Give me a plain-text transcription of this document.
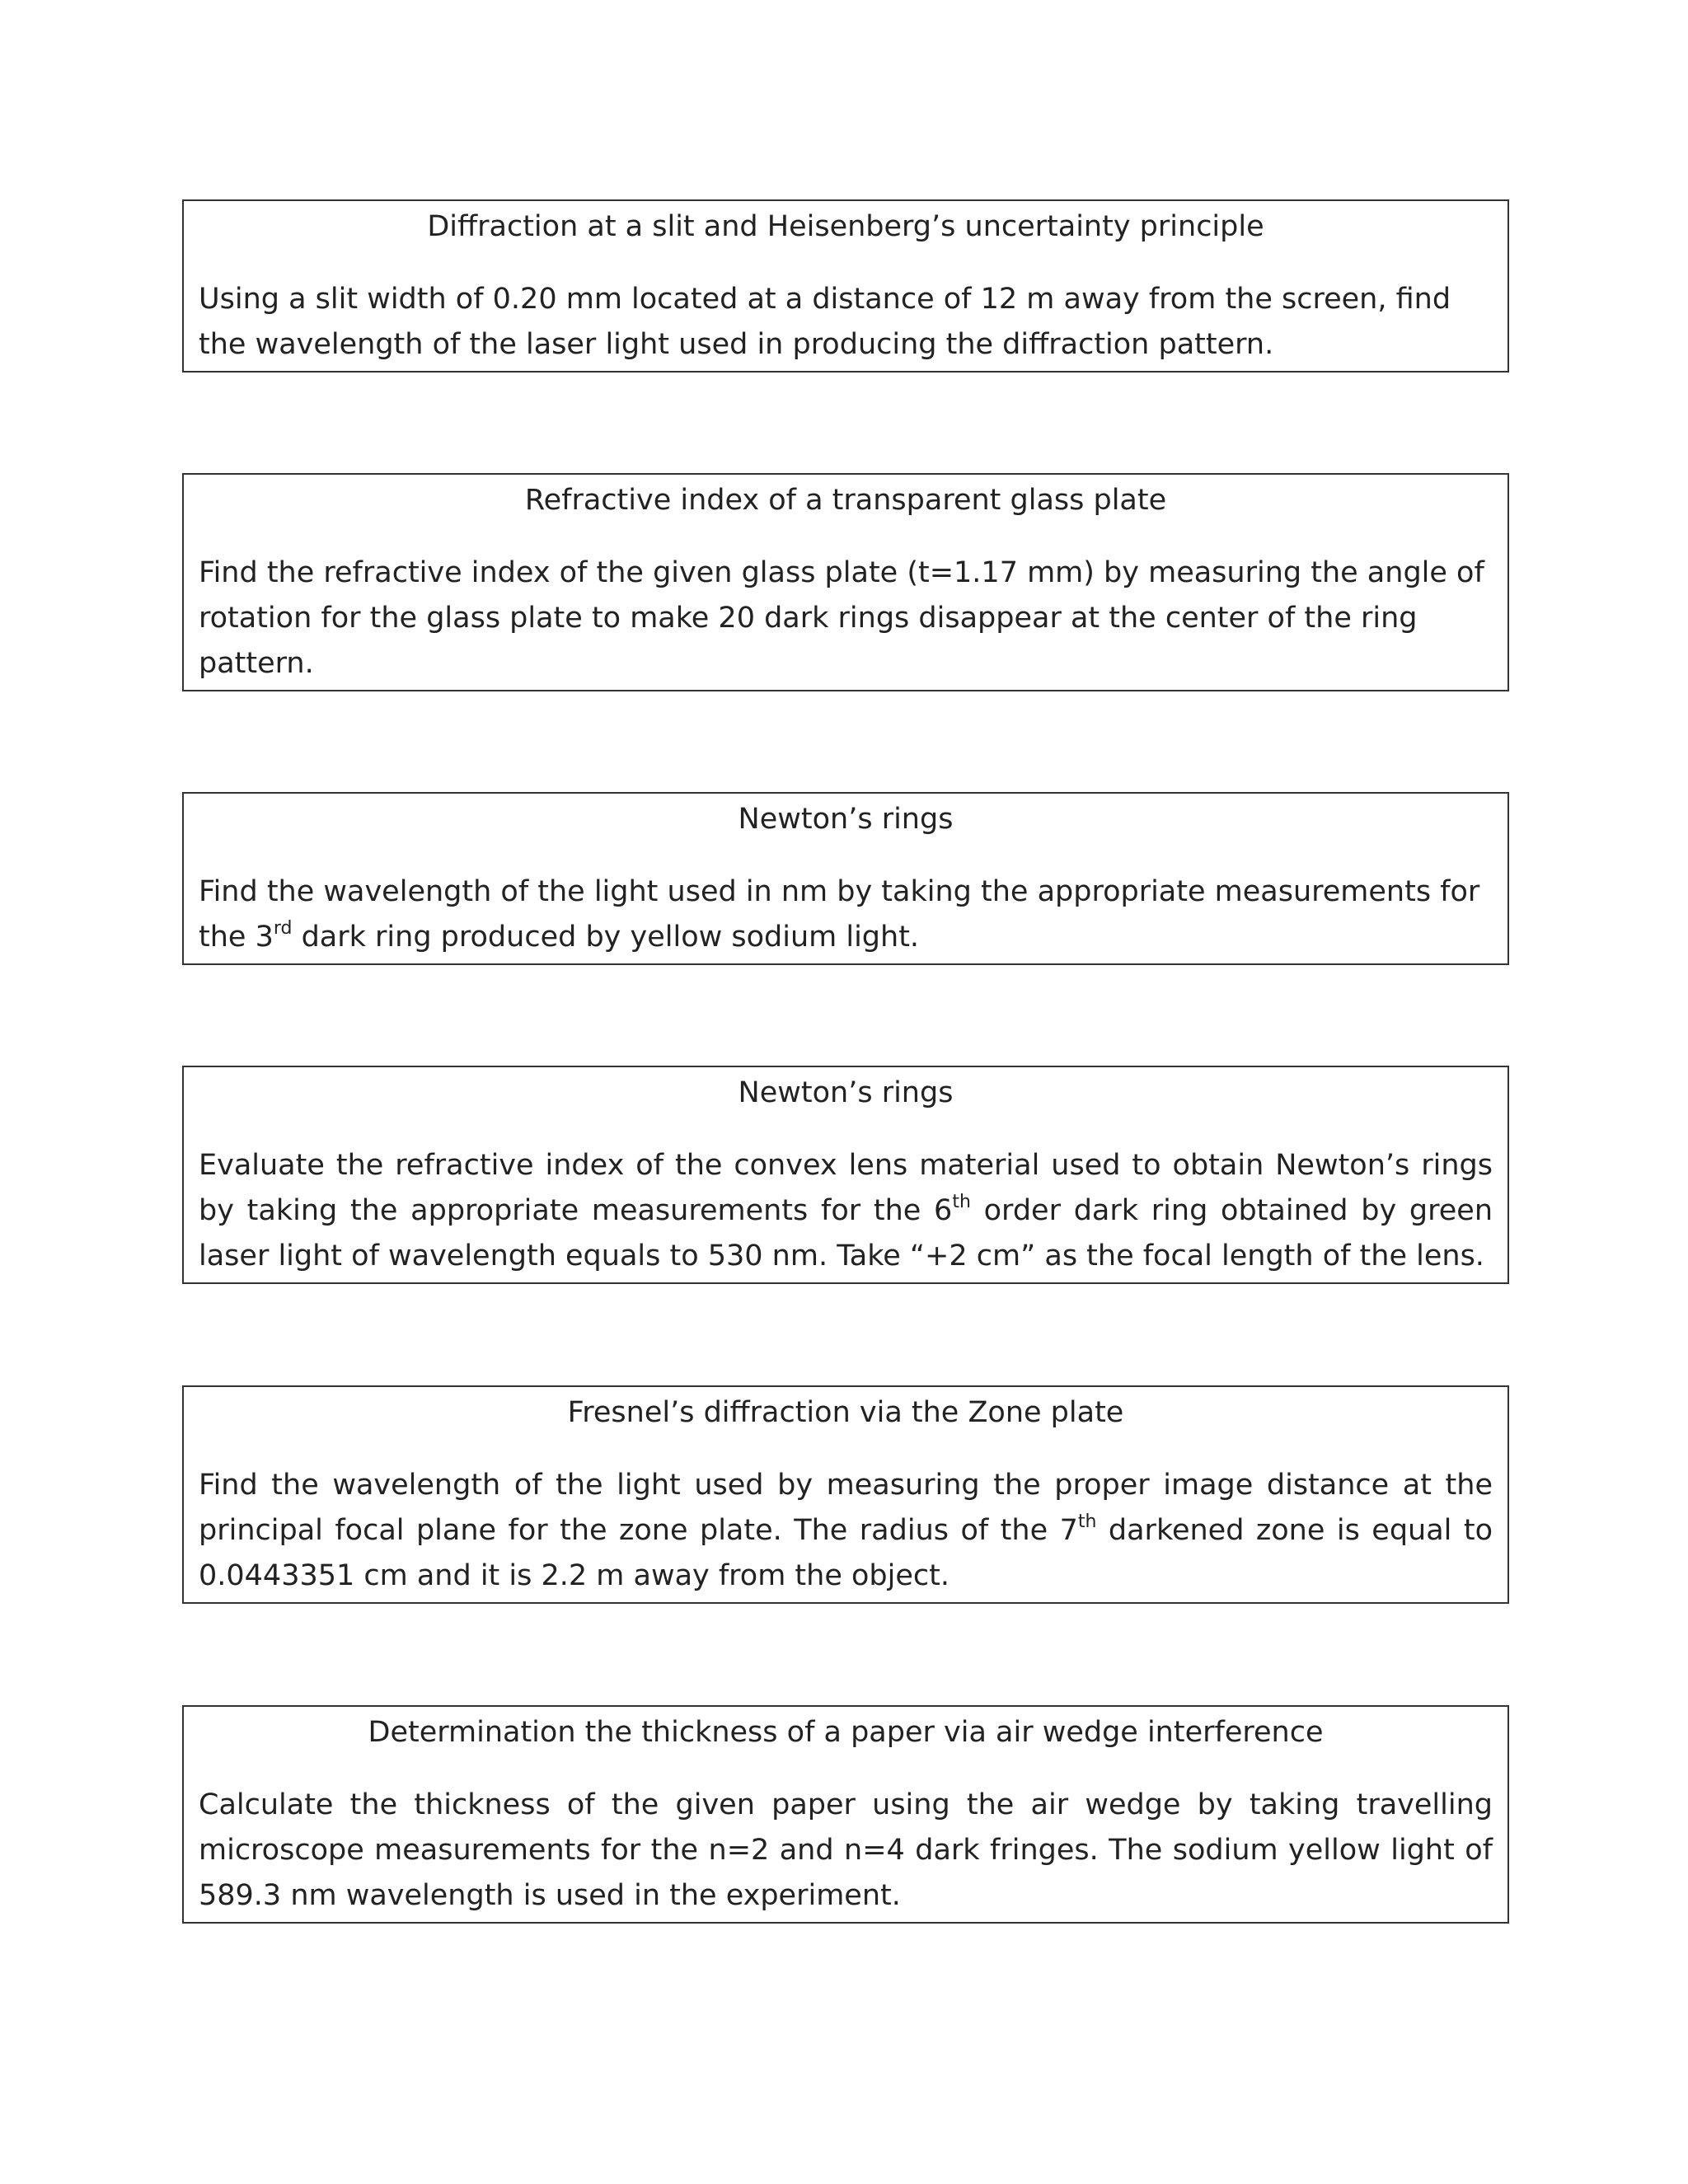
Diffraction at a slit and Heisenberg’s uncertainty principle

Using a slit width of 0.20 mm located at a distance of 12 m away from the screen, find the wavelength of the laser light used in producing the diffraction pattern.

Refractive index of a transparent glass plate

Find the refractive index of the given glass plate (t=1.17 mm) by measuring the angle of rotation for the glass plate to make 20 dark rings disappear at the center of the ring pattern.

Newton’s rings

Find the wavelength of the light used in nm by taking the appropriate measurements for the 3rd dark ring produced by yellow sodium light.

Newton’s rings

Evaluate the refractive index of the convex lens material used to obtain Newton’s rings by taking the appropriate measurements for the 6th order dark ring obtained by green laser light of wavelength equals to 530 nm. Take “+2 cm” as the focal length of the lens.

Fresnel’s diffraction via the Zone plate

Find the wavelength of the light used by measuring the proper image distance at the principal focal plane for the zone plate. The radius of the 7th darkened zone is equal to 0.0443351 cm and it is 2.2 m away from the object.

Determination the thickness of a paper via air wedge interference

Calculate the thickness of the given paper using the air wedge by taking travelling microscope measurements for the n=2 and n=4 dark fringes. The sodium yellow light of 589.3 nm wavelength is used in the experiment.
